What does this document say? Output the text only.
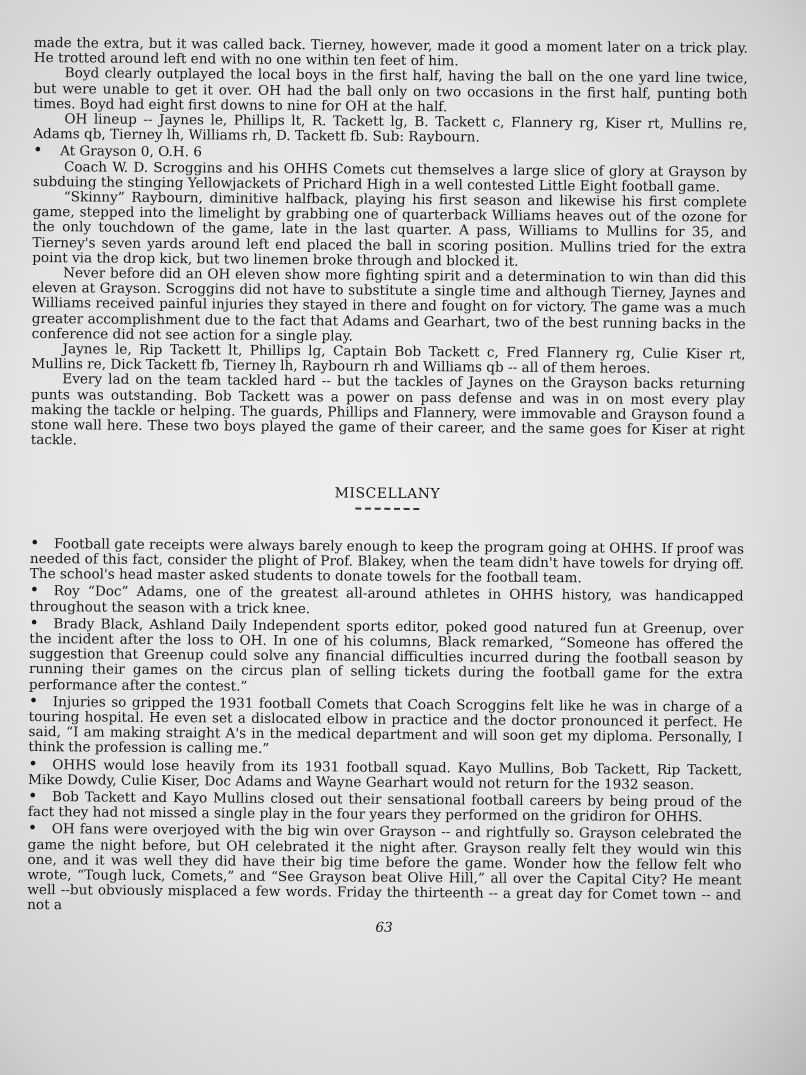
made the extra, but it was called back. Tierney, however, made it good a moment later on a trick play. He trotted around left end with no one within ten feet of him.

Boyd clearly outplayed the local boys in the first half, having the ball on the one yard line twice, but were unable to get it over. OH had the ball only on two occasions in the first half, punting both times. Boyd had eight first downs to nine for OH at the half.

OH lineup -- Jaynes le, Phillips lt, R. Tackett lg, B. Tackett c, Flannery rg, Kiser rt, Mullins re, Adams qb, Tierney lh, Williams rh, D. Tackett fb. Sub: Raybourn.

• At Grayson 0, O.H. 6

Coach W. D. Scroggins and his OHHS Comets cut themselves a large slice of glory at Grayson by subduing the stinging Yellowjackets of Prichard High in a well contested Little Eight football game.

“Skinny” Raybourn, diminitive halfback, playing his first season and likewise his first complete game, stepped into the limelight by grabbing one of quarterback Williams heaves out of the ozone for the only touchdown of the game, late in the last quarter. A pass, Williams to Mullins for 35, and Tierney's seven yards around left end placed the ball in scoring position. Mullins tried for the extra point via the drop kick, but two linemen broke through and blocked it.

Never before did an OH eleven show more fighting spirit and a determination to win than did this eleven at Grayson. Scroggins did not have to substitute a single time and although Tierney, Jaynes and Williams received painful injuries they stayed in there and fought on for victory. The game was a much greater accomplishment due to the fact that Adams and Gearhart, two of the best running backs in the conference did not see action for a single play.

Jaynes le, Rip Tackett lt, Phillips lg, Captain Bob Tackett c, Fred Flannery rg, Culie Kiser rt, Mullins re, Dick Tackett fb, Tierney lh, Raybourn rh and Williams qb -- all of them heroes.

Every lad on the team tackled hard -- but the tackles of Jaynes on the Grayson backs returning punts was outstanding. Bob Tackett was a power on pass defense and was in on most every play making the tackle or helping. The guards, Phillips and Flannery, were immovable and Grayson found a stone wall here. These two boys played the game of their career, and the same goes for Kiser at right tackle.

MISCELLANY

• Football gate receipts were always barely enough to keep the program going at OHHS. If proof was needed of this fact, consider the plight of Prof. Blakey, when the team didn't have towels for drying off. The school's head master asked students to donate towels for the football team.

• Roy “Doc” Adams, one of the greatest all-around athletes in OHHS history, was handicapped throughout the season with a trick knee.

• Brady Black, Ashland Daily Independent sports editor, poked good natured fun at Greenup, over the incident after the loss to OH. In one of his columns, Black remarked, “Someone has offered the suggestion that Greenup could solve any financial difficulties incurred during the football season by running their games on the circus plan of selling tickets during the football game for the extra performance after the contest.”

• Injuries so gripped the 1931 football Comets that Coach Scroggins felt like he was in charge of a touring hospital. He even set a dislocated elbow in practice and the doctor pronounced it perfect. He said, “I am making straight A's in the medical department and will soon get my diploma. Personally, I think the profession is calling me.”

• OHHS would lose heavily from its 1931 football squad. Kayo Mullins, Bob Tackett, Rip Tackett, Mike Dowdy, Culie Kiser, Doc Adams and Wayne Gearhart would not return for the 1932 season.

• Bob Tackett and Kayo Mullins closed out their sensational football careers by being proud of the fact they had not missed a single play in the four years they performed on the gridiron for OHHS.

• OH fans were overjoyed with the big win over Grayson -- and rightfully so. Grayson celebrated the game the night before, but OH celebrated it the night after. Grayson really felt they would win this one, and it was well they did have their big time before the game. Wonder how the fellow felt who wrote, “Tough luck, Comets,” and “See Grayson beat Olive Hill,” all over the Capital City? He meant well --but obviously misplaced a few words. Friday the thirteenth -- a great day for Comet town -- and not a

63
